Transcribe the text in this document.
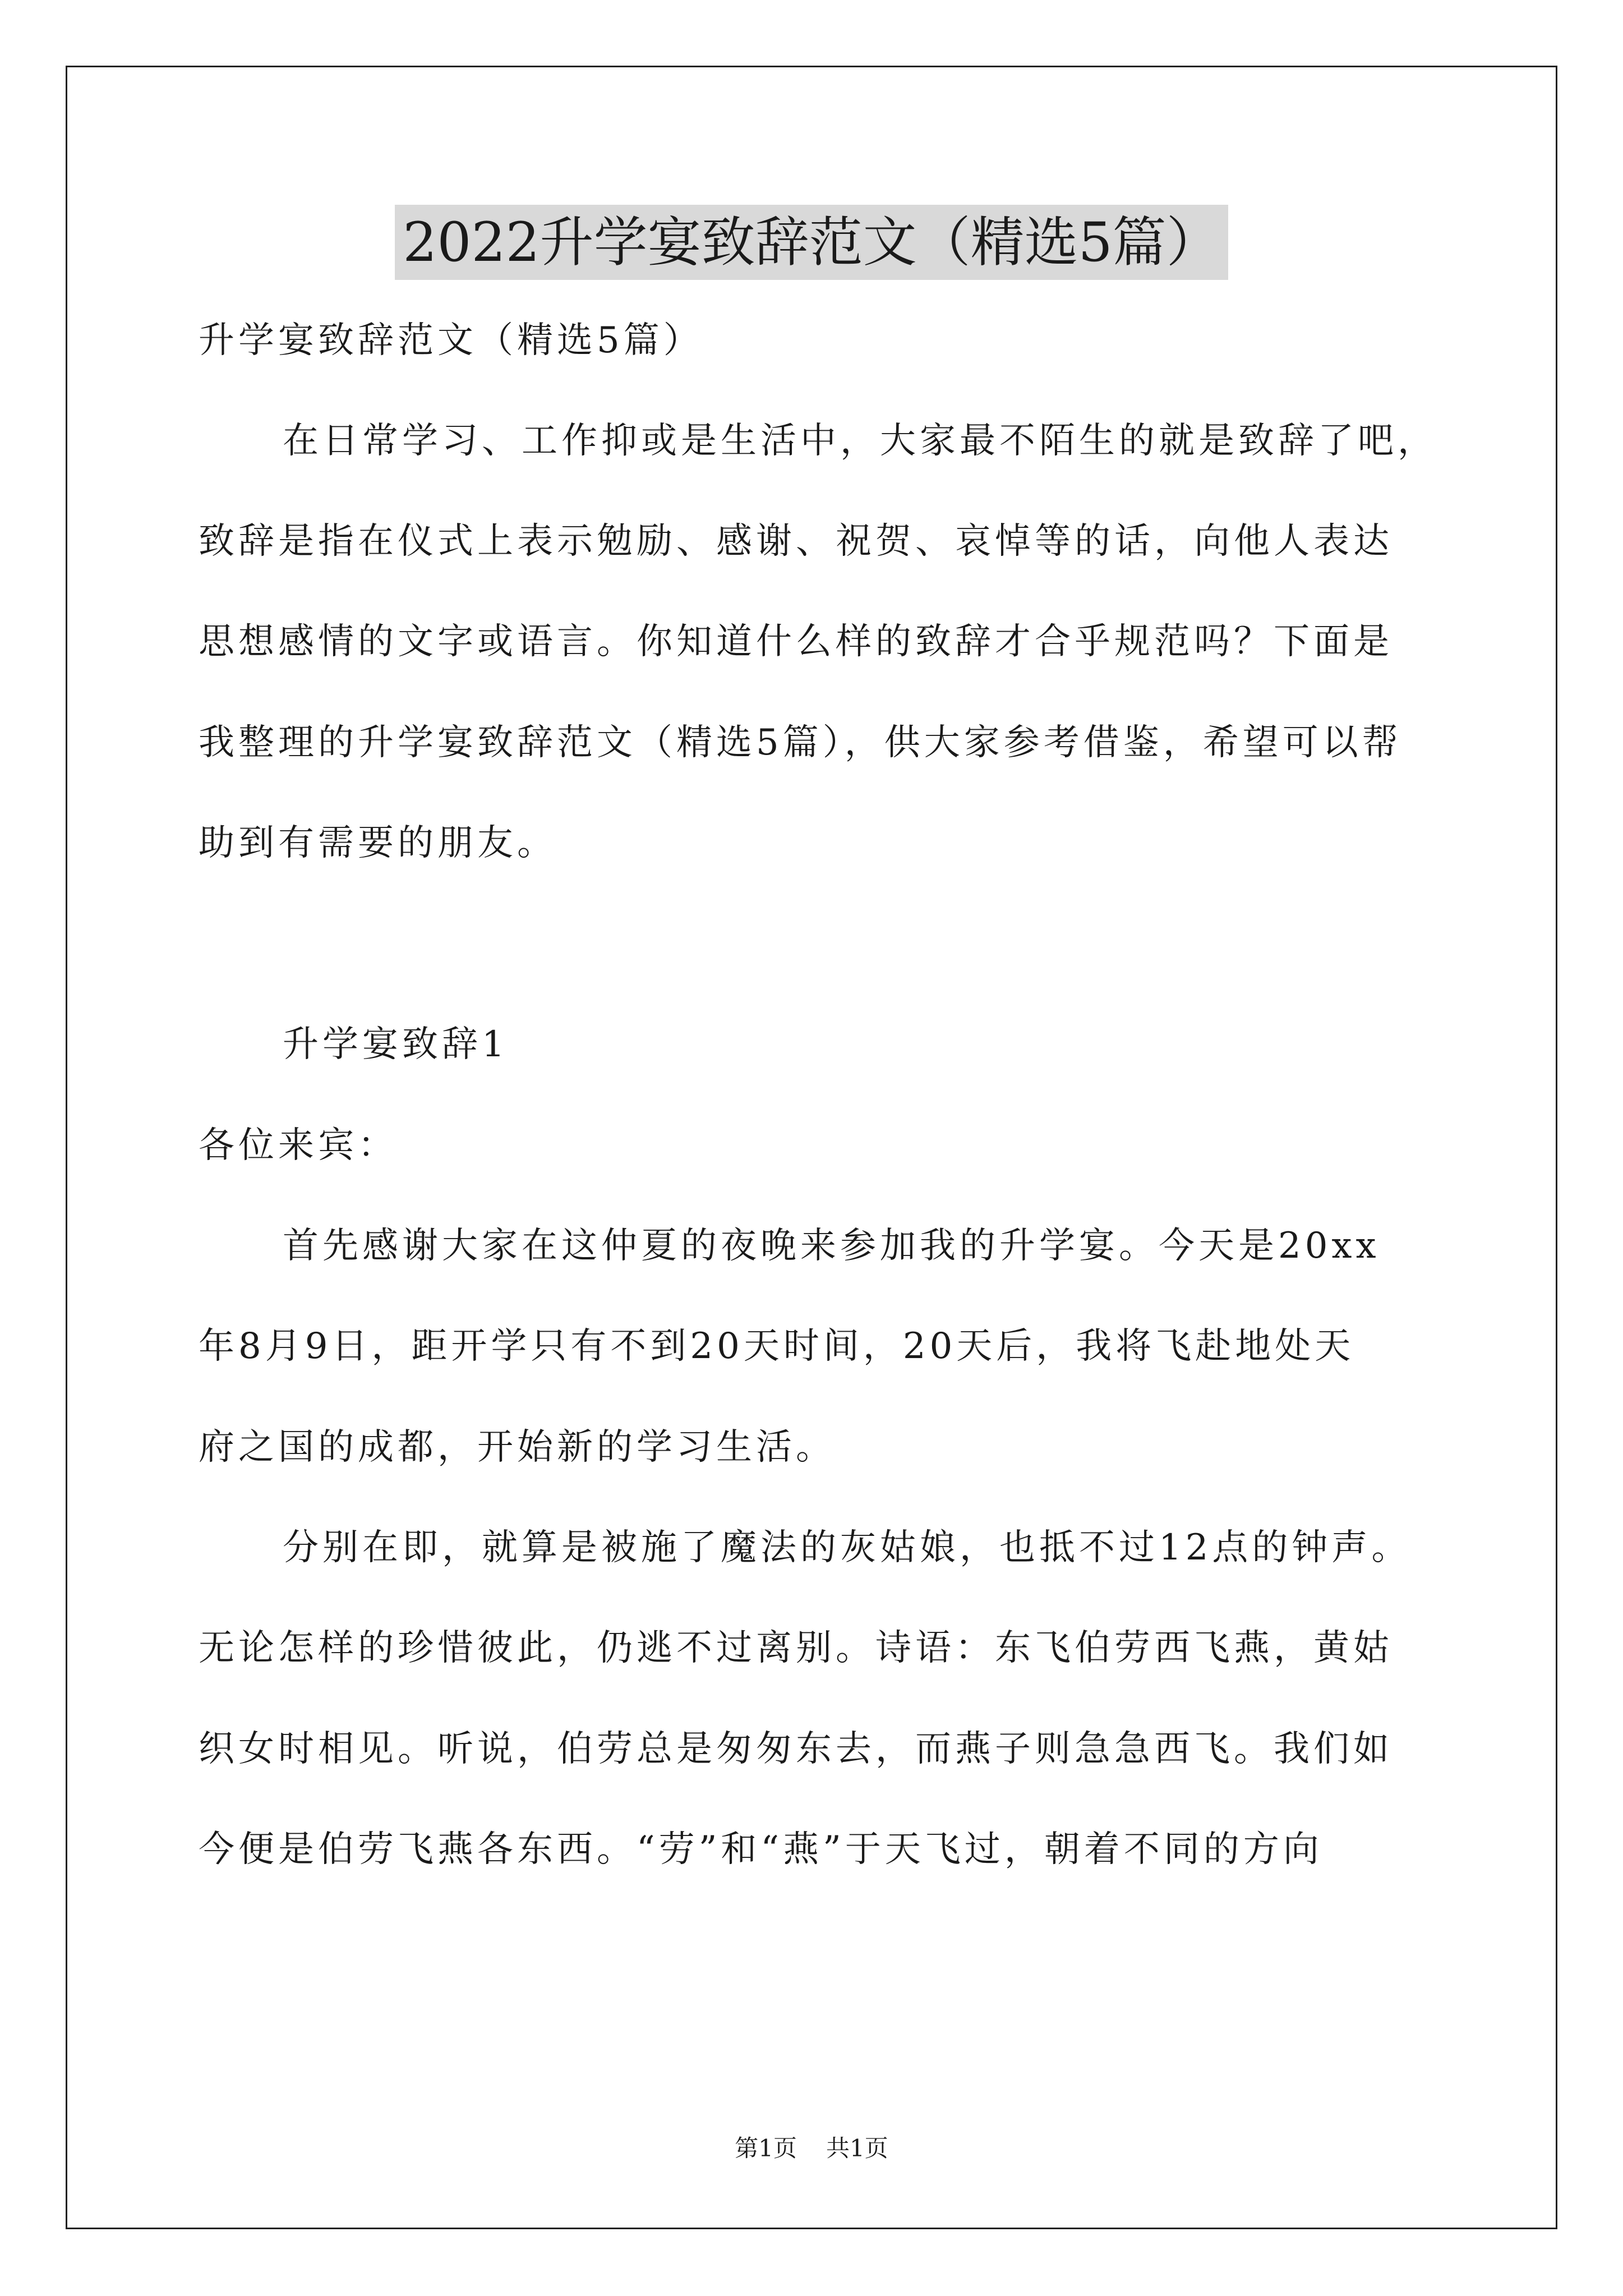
2022升学宴致辞范文（精选5篇）
升学宴致辞范文（精选5篇）
在日常学习、工作抑或是生活中，大家最不陌生的就是致辞了吧，
致辞是指在仪式上表示勉励、感谢、祝贺、哀悼等的话，向他人表达
思想感情的文字或语言。你知道什么样的致辞才合乎规范吗？下面是
我整理的升学宴致辞范文（精选5篇），供大家参考借鉴，希望可以帮
助到有需要的朋友。
升学宴致辞1
各位来宾：
首先感谢大家在这仲夏的夜晚来参加我的升学宴。今天是20xx
年8月9日，距开学只有不到20天时间，20天后，我将飞赴地处天
府之国的成都，开始新的学习生活。
分别在即，就算是被施了魔法的灰姑娘，也抵不过12点的钟声。
无论怎样的珍惜彼此，仍逃不过离别。诗语：东飞伯劳西飞燕，黄姑
织女时相见。听说，伯劳总是匆匆东去，而燕子则急急西飞。我们如
今便是伯劳飞燕各东西。“劳”和“燕”于天飞过，朝着不同的方向
第1页 共1页
